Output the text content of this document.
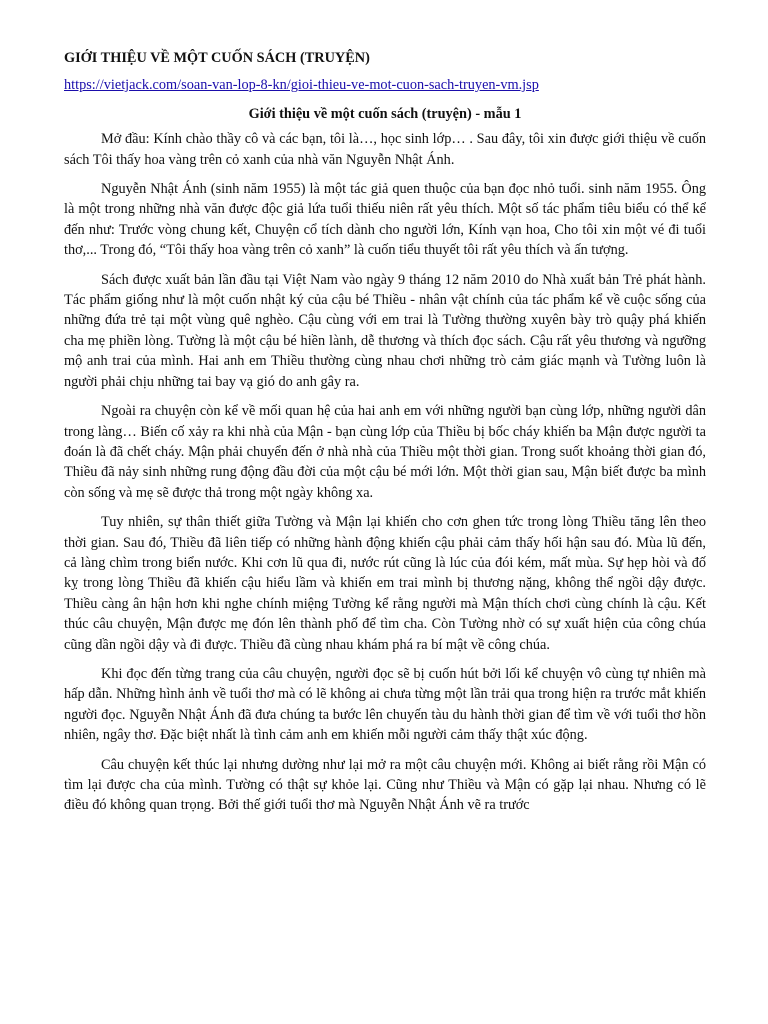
GIỚI THIỆU VỀ MỘT CUỐN SÁCH (TRUYỆN)
https://vietjack.com/soan-van-lop-8-kn/gioi-thieu-ve-mot-cuon-sach-truyen-vm.jsp
Giới thiệu về một cuốn sách (truyện) - mẫu 1

Mở đầu: Kính chào thầy cô và các bạn, tôi là…, học sinh lớp… . Sau đây, tôi xin được giới thiệu về cuốn sách Tôi thấy hoa vàng trên cỏ xanh của nhà văn Nguyễn Nhật Ánh.

Nguyễn Nhật Ánh (sinh năm 1955) là một tác giả quen thuộc của bạn đọc nhỏ tuổi. sinh năm 1955. Ông là một trong những nhà văn được độc giả lứa tuổi thiếu niên rất yêu thích. Một số tác phẩm tiêu biểu có thể kể đến như: Trước vòng chung kết, Chuyện cổ tích dành cho người lớn, Kính vạn hoa, Cho tôi xin một vé đi tuổi thơ,... Trong đó, “Tôi thấy hoa vàng trên cỏ xanh” là cuốn tiểu thuyết tôi rất yêu thích và ấn tượng.

Sách được xuất bản lần đầu tại Việt Nam vào ngày 9 tháng 12 năm 2010 do Nhà xuất bản Trẻ phát hành. Tác phẩm giống như là một cuốn nhật ký của cậu bé Thiều - nhân vật chính của tác phẩm kể về cuộc sống của những đứa trẻ tại một vùng quê nghèo. Cậu cùng với em trai là Tường thường xuyên bày trò quậy phá khiến cha mẹ phiền lòng. Tường là một cậu bé hiền lành, dễ thương và thích đọc sách. Cậu rất yêu thương và ngưỡng mộ anh trai của mình. Hai anh em Thiều thường cùng nhau chơi những trò cảm giác mạnh và Tường luôn là người phải chịu những tai bay vạ gió do anh gây ra.

Ngoài ra chuyện còn kể về mối quan hệ của hai anh em với những người bạn cùng lớp, những người dân trong làng… Biến cố xảy ra khi nhà của Mận - bạn cùng lớp của Thiều bị bốc cháy khiến ba Mận được người ta đoán là đã chết cháy. Mận phải chuyển đến ở nhà nhà của Thiều một thời gian. Trong suốt khoảng thời gian đó, Thiều đã nảy sinh những rung động đầu đời của một cậu bé mới lớn. Một thời gian sau, Mận biết được ba mình còn sống và mẹ sẽ được thả trong một ngày không xa.

Tuy nhiên, sự thân thiết giữa Tường và Mận lại khiến cho cơn ghen tức trong lòng Thiều tăng lên theo thời gian. Sau đó, Thiều đã liên tiếp có những hành động khiến cậu phải cảm thấy hối hận sau đó. Mùa lũ đến, cả làng chìm trong biển nước. Khi cơn lũ qua đi, nước rút cũng là lúc của đói kém, mất mùa. Sự hẹp hòi và đố kỵ trong lòng Thiều đã khiến cậu hiểu lầm và khiến em trai mình bị thương nặng, không thể ngồi dậy được. Thiều càng ân hận hơn khi nghe chính miệng Tường kể rằng người mà Mận thích chơi cùng chính là cậu. Kết thúc câu chuyện, Mận được mẹ đón lên thành phố để tìm cha. Còn Tường nhờ có sự xuất hiện của công chúa cũng dần ngồi dậy và đi được. Thiều đã cùng nhau khám phá ra bí mật về công chúa.

Khi đọc đến từng trang của câu chuyện, người đọc sẽ bị cuốn hút bởi lối kể chuyện vô cùng tự nhiên mà hấp dẫn. Những hình ảnh về tuổi thơ mà có lẽ không ai chưa từng một lần trải qua trong hiện ra trước mắt khiến người đọc. Nguyễn Nhật Ánh đã đưa chúng ta bước lên chuyến tàu du hành thời gian để tìm về với tuổi thơ hồn nhiên, ngây thơ. Đặc biệt nhất là tình cảm anh em khiến mỗi người cảm thấy thật xúc động.

Câu chuyện kết thúc lại nhưng dường như lại mở ra một câu chuyện mới. Không ai biết rằng rồi Mận có tìm lại được cha của mình. Tường có thật sự khỏe lại. Cũng như Thiều và Mận có gặp lại nhau. Nhưng có lẽ điều đó không quan trọng. Bởi thế giới tuổi thơ mà Nguyễn Nhật Ánh vẽ ra trước
